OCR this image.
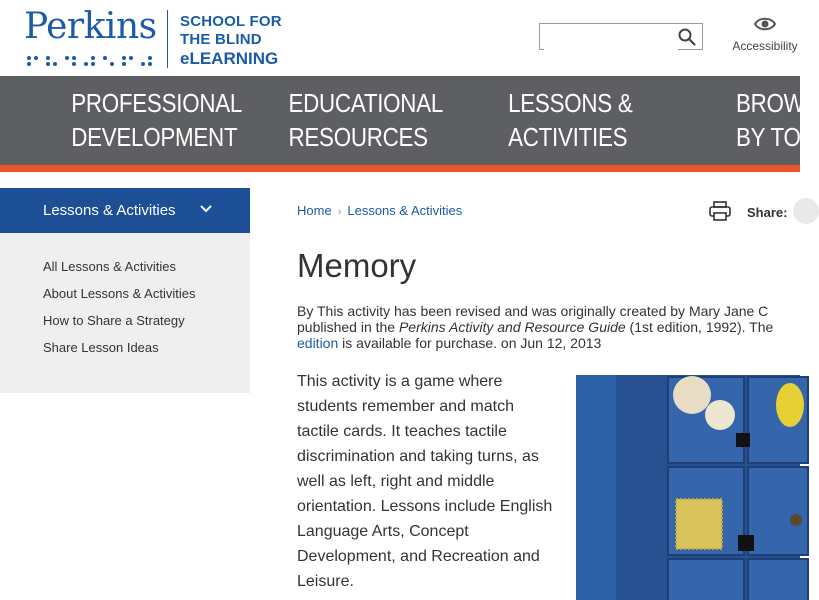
Perkins SCHOOL FOR
THE BLIND
eLEARNING
Accessibility
PROFESSIONAL
DEVELOPMENT
EDUCATIONAL
RESOURCES
LESSONS &
ACTIVITIES
BROWS
BY TOP
Lessons & Activities
All Lessons & Activities
About Lessons & Activities
How to Share a Strategy
Share Lesson Ideas
Home › Lessons & Activities	Share:
Memory
By This activity has been revised and was originally created by Mary Jane C
published in the Perkins Activity and Resource Guide (1st edition, 1992). The
edition is available for purchase. on Jun 12, 2013
This activity is a game where students remember and match tactile cards. It teaches tactile discrimination and taking turns, as well as left, right and middle orientation. Lessons include English Language Arts, Concept Development, and Recreation and Leisure.
